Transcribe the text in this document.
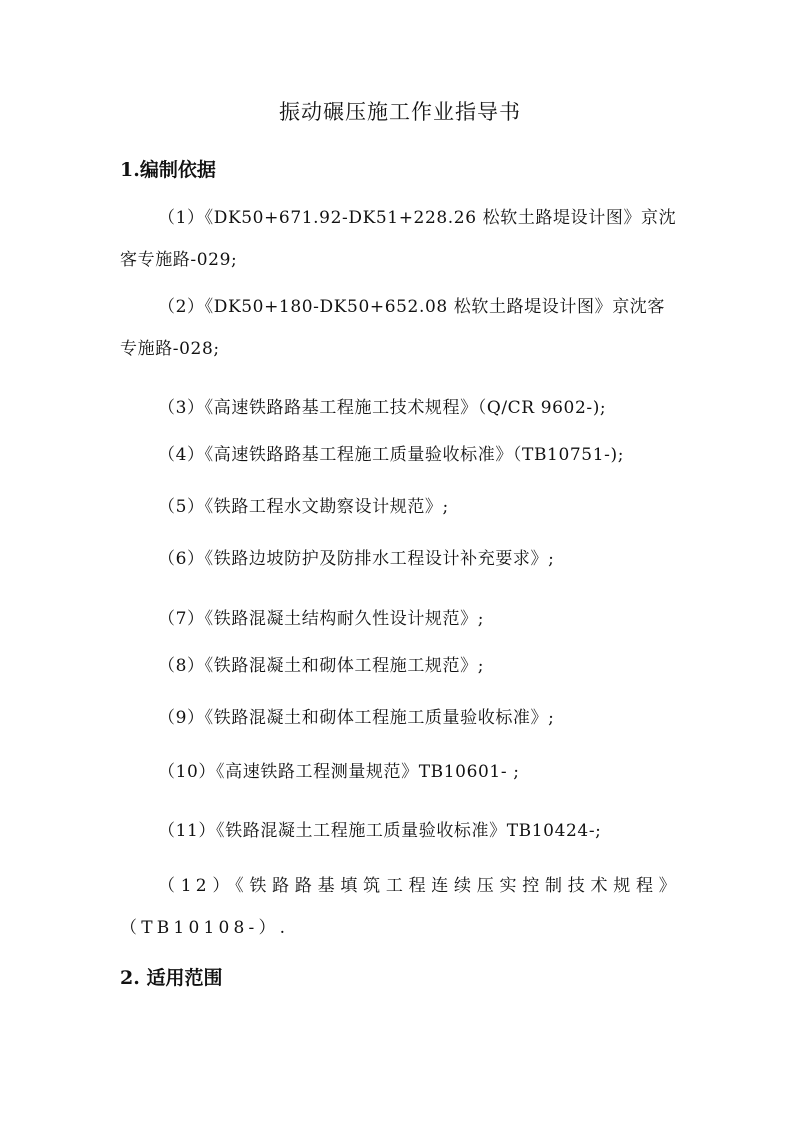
振动碾压施工作业指导书
1.编制依据

（1）《DK50+671.92-DK51+228.26 松软土路堤设计图》京沈客专施路-029;

（2）《DK50+180-DK50+652.08 松软土路堤设计图》京沈客专施路-028;

（3）《高速铁路路基工程施工技术规程》（Q/CR 9602-);

（4）《高速铁路路基工程施工质量验收标准》（TB10751-);

（5）《铁路工程水文勘察设计规范》;

（6）《铁路边坡防护及防排水工程设计补充要求》;

（7）《铁路混凝土结构耐久性设计规范》;

（8）《铁路混凝土和砌体工程施工规范》;

（9）《铁路混凝土和砌体工程施工质量验收标准》;

（10）《高速铁路工程测量规范》TB10601- ;

（11）《铁路混凝土工程施工质量验收标准》TB10424-;

（12）《铁路路基填筑工程连续压实控制技术规程》（TB10108-）.

2. 适用范围
